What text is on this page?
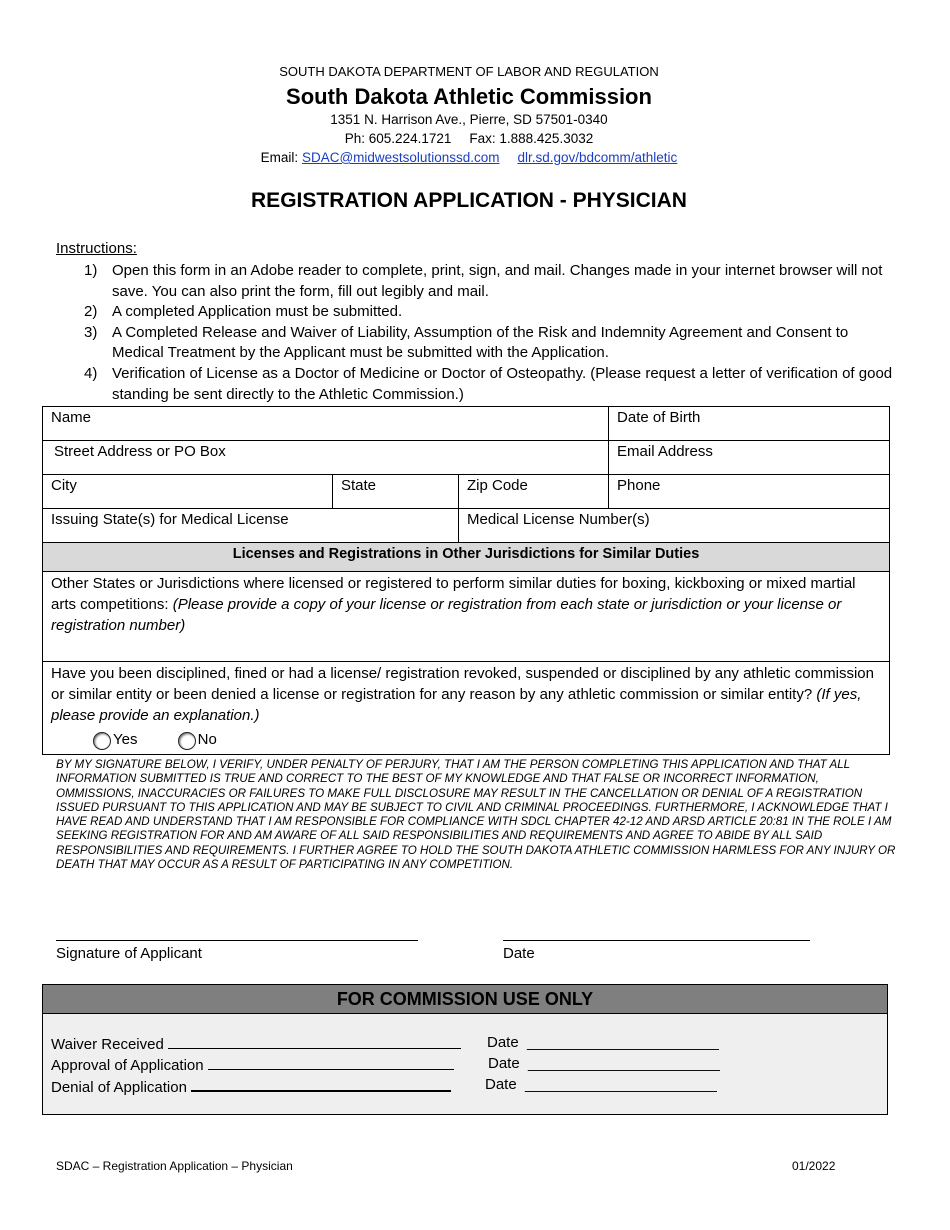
SOUTH DAKOTA DEPARTMENT OF LABOR AND REGULATION
South Dakota Athletic Commission
1351 N. Harrison Ave., Pierre, SD 57501-0340
Ph: 605.224.1721 Fax: 1.888.425.3032
Email: SDAC@midwestsolutionssd.com dlr.sd.gov/bdcomm/athletic
REGISTRATION APPLICATION - PHYSICIAN
Instructions:
1) Open this form in an Adobe reader to complete, print, sign, and mail. Changes made in your internet browser will not save. You can also print the form, fill out legibly and mail.
2) A completed Application must be submitted.
3) A Completed Release and Waiver of Liability, Assumption of the Risk and Indemnity Agreement and Consent to Medical Treatment by the Applicant must be submitted with the Application.
4) Verification of License as a Doctor of Medicine or Doctor of Osteopathy. (Please request a letter of verification of good standing be sent directly to the Athletic Commission.)
Name			Date of Birth
Street Address or PO Box			Email Address
City	State	Zip Code	Phone
Issuing State(s) for Medical License		Medical License Number(s)	
Licenses and Registrations in Other Jurisdictions for Similar Duties			
Other States or Jurisdictions where licensed or registered to perform similar duties for boxing, kickboxing or mixed martial arts competitions: (Please provide a copy of your license or registration from each state or jurisdiction or your license or registration number)			
Have you been disciplined, fined or had a license/ registration revoked, suspended or disciplined by any athletic commission or similar entity or been denied a license or registration for any reason by any athletic commission or similar entity? (If yes, please provide an explanation.)
Yes
No			
BY MY SIGNATURE BELOW, I VERIFY, UNDER PENALTY OF PERJURY, THAT I AM THE PERSON COMPLETING THIS APPLICATION AND THAT ALL INFORMATION SUBMITTED IS TRUE AND CORRECT TO THE BEST OF MY KNOWLEDGE AND THAT FALSE OR INCORRECT INFORMATION, OMMISSIONS, INACCURACIES OR FAILURES TO MAKE FULL DISCLOSURE MAY RESULT IN THE CANCELLATION OR DENIAL OF A REGISTRATION ISSUED PURSUANT TO THIS APPLICATION AND MAY BE SUBJECT TO CIVIL AND CRIMINAL PROCEEDINGS. FURTHERMORE, I ACKNOWLEDGE THAT I HAVE READ AND UNDERSTAND THAT I AM RESPONSIBLE FOR COMPLIANCE WITH SDCL CHAPTER 42-12 AND ARSD ARTICLE 20:81 IN THE ROLE I AM SEEKING REGISTRATION FOR AND AM AWARE OF ALL SAID RESPONSIBILITIES AND REQUIREMENTS AND AGREE TO ABIDE BY ALL SAID RESPONSIBILITIES AND REQUIREMENTS. I FURTHER AGREE TO HOLD THE SOUTH DAKOTA ATHLETIC COMMISSION HARMLESS FOR ANY INJURY OR DEATH THAT MAY OCCUR AS A RESULT OF PARTICIPATING IN ANY COMPETITION.
Signature of Applicant	Date
FOR COMMISSION USE ONLY
Waiver Received	Date _______________________
Approval of Application	Date _______________________
Denial of Application	Date _______________________
SDAC – Registration Application – Physician	01/2022
